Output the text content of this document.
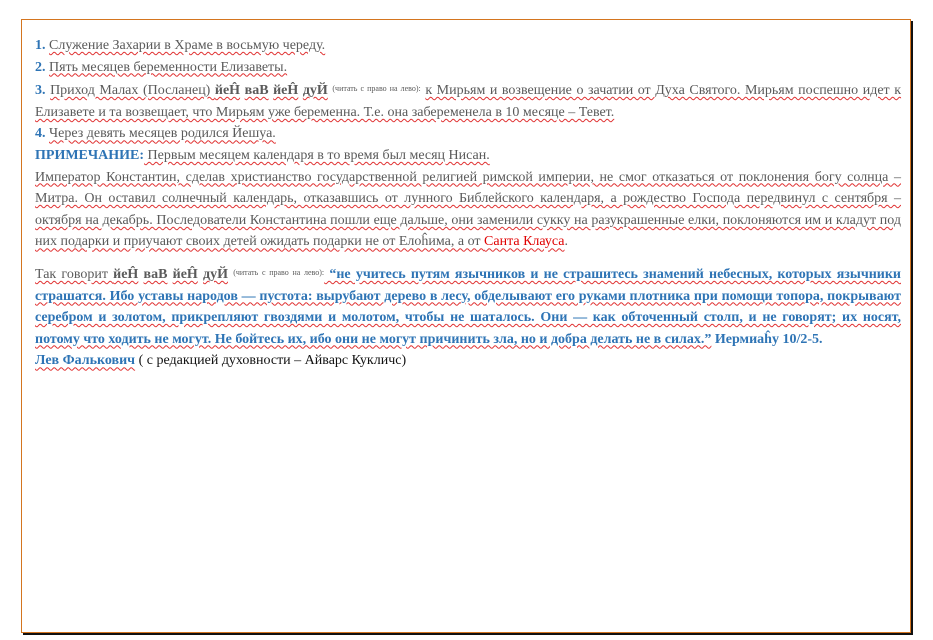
1. Служение Захарии в Храме в восьмую череду.

2. Пять месяцев беременности Елизаветы.

3. Приход Малах (Посланец) йеĤ ваВ йеĤ дуЙ $^{(читать с право на лево):}$ к Мирьям и возвещение о зачатии от Духа Святого. Мирьям поспешно идет к Елизавете и та возвещает, что Мирьям уже беременна. Т.е. она забеременела в 10 месяце – Тевет.

4. Через девять месяцев родился Йешуа.

ПРИМЕЧАНИЕ: Первым месяцем календаря в то время был месяц Нисан.

Император Константин, сделав христианство государственной религией римской империи, не смог отказаться от поклонения богу солнца – Митра. Он оставил солнечный календарь, отказавшись от лунного Библейского календаря, а рождество Господа передвинул с сентября – октября на декабрь. Последователи Константина пошли еще дальше, они заменили сукку на разукрашенные елки, поклоняются им и кладут под них подарки и приучают своих детей ожидать подарки не от Елоĥима, а от Санта Клауса.

Так говорит йеĤ ваВ йеĤ дуЙ $^{(читать с право на лево):}$ “не учитесь путям язычников и не страшитесь знамений небесных, которых язычники страшатся. Ибо уставы народов — пустота: вырубают дерево в лесу, обделывают его руками плотника при помощи топора, покрывают серебром и золотом, прикрепляют гвоздями и молотом, чтобы не шаталось. Они — как обточенный столп, и не говорят; их носят, потому что ходить не могут. Не бойтесь их, ибо они не могут причинить зла, но и добра делать не в силах.” Иермиаĥу 10/2-5.

Лев Фалькович ( с редакцией духовности – Айварс Кукличс)
